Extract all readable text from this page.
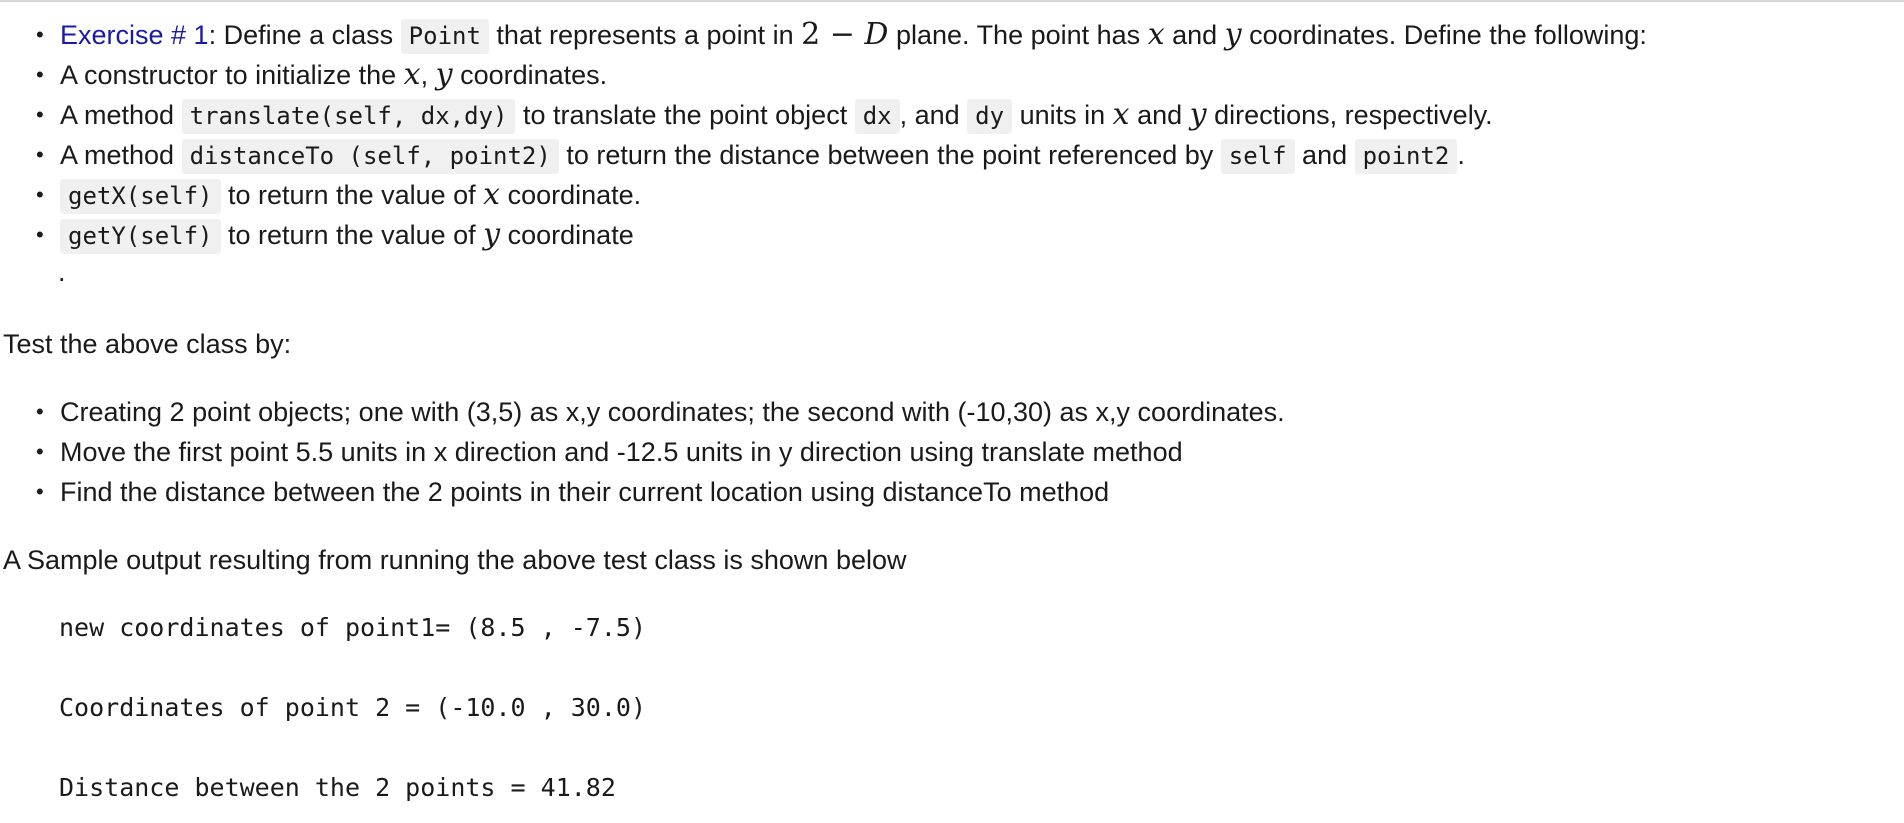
• Exercise # 1: Define a class Point that represents a point in 2 − D plane. The point has x and y coordinates. Define the following:
• A constructor to initialize the x, y coordinates.
• A method translate(self, dx,dy) to translate the point object dx , and dy units in x and y directions, respectively.
• A method distanceTo (self, point2) to return the distance between the point referenced by self and point2 .
• getX(self) to return the value of x coordinate.
• getY(self) to return the value of y coordinate
.
Test the above class by:
• Creating 2 point objects; one with (3,5) as x,y coordinates; the second with (-10,30) as x,y coordinates.
• Move the first point 5.5 units in x direction and -12.5 units in y direction using translate method
• Find the distance between the 2 points in their current location using distanceTo method
A Sample output resulting from running the above test class is shown below
new coordinates of point1= (8.5 , -7.5)
Coordinates of point 2 = (-10.0 , 30.0)
Distance between the 2 points = 41.82
